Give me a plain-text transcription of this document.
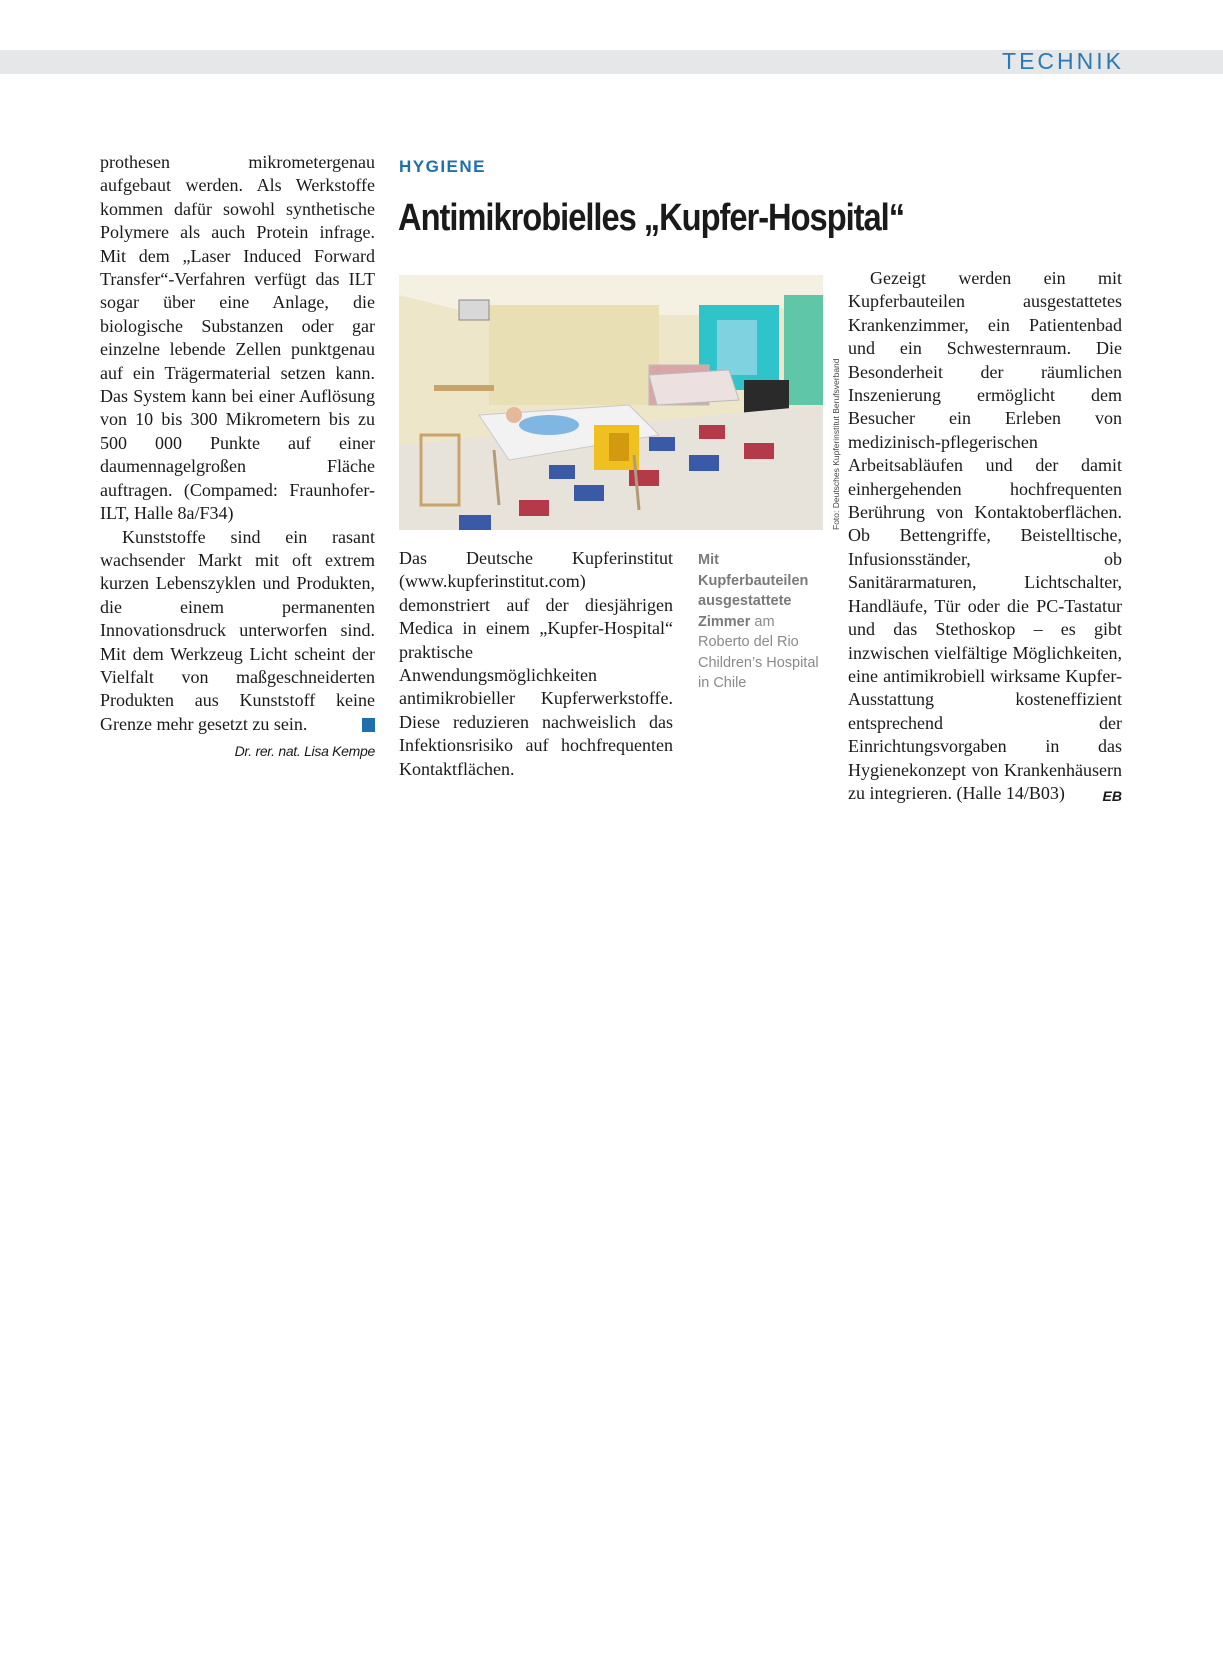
TECHNIK

prothesen mikrometergenau aufgebaut werden. Als Werkstoffe kommen dafür sowohl synthetische Polymere als auch Protein infrage. Mit dem „Laser Induced Forward Transfer“-Verfahren verfügt das ILT sogar über eine Anlage, die biologische Substanzen oder gar einzelne lebende Zellen punktgenau auf ein Trägermaterial setzen kann. Das System kann bei einer Auflösung von 10 bis 300 Mikrometern bis zu 500 000 Punkte auf einer daumennagelgroßen Fläche auftragen. (Compamed: Fraunhofer-ILT, Halle 8a/F34)

Kunststoffe sind ein rasant wachsender Markt mit oft extrem kurzen Lebenszyklen und Produkten, die einem permanenten Innovationsdruck unterworfen sind. Mit dem Werkzeug Licht scheint der Vielfalt von maßgeschneiderten Produkten aus Kunststoff keine Grenze mehr gesetzt zu sein.

Dr. rer. nat. Lisa Kempe
HYGIENE
Antimikrobielles „Kupfer-Hospital“
Foto: Deutsches Kupferinstitut Berufsverband

Das Deutsche Kupferinstitut (www.kupferinstitut.com) demonstriert auf der diesjährigen Medica in einem „Kupfer-Hospital“ praktische Anwendungsmöglichkeiten antimikrobieller Kupferwerkstoffe. Diese reduzieren nachweislich das Infektionsrisiko auf hochfrequenten Kontaktflächen.

Mit Kupferbauteilen ausgestattete Zimmer am Roberto del Rio Children’s Hospital in Chile

Gezeigt werden ein mit Kupferbauteilen ausgestattetes Krankenzimmer, ein Patientenbad und ein Schwesternraum. Die Besonderheit der räumlichen Inszenierung ermöglicht dem Besucher ein Erleben von medizinisch-pflegerischen Arbeitsabläufen und der damit einhergehenden hochfrequenten Berührung von Kontaktoberflächen. Ob Bettengriffe, Beistelltische, Infusionsständer, ob Sanitärarmaturen, Lichtschalter, Handläufe, Tür oder die PC-Tastatur und das Stethoskop – es gibt inzwischen vielfältige Möglichkeiten, eine antimikrobiell wirksame Kupfer-Ausstattung kosteneffizient entsprechend der Einrichtungsvorgaben in das Hygienekonzept von Krankenhäusern zu integrieren. (Halle 14/B03)	EB
